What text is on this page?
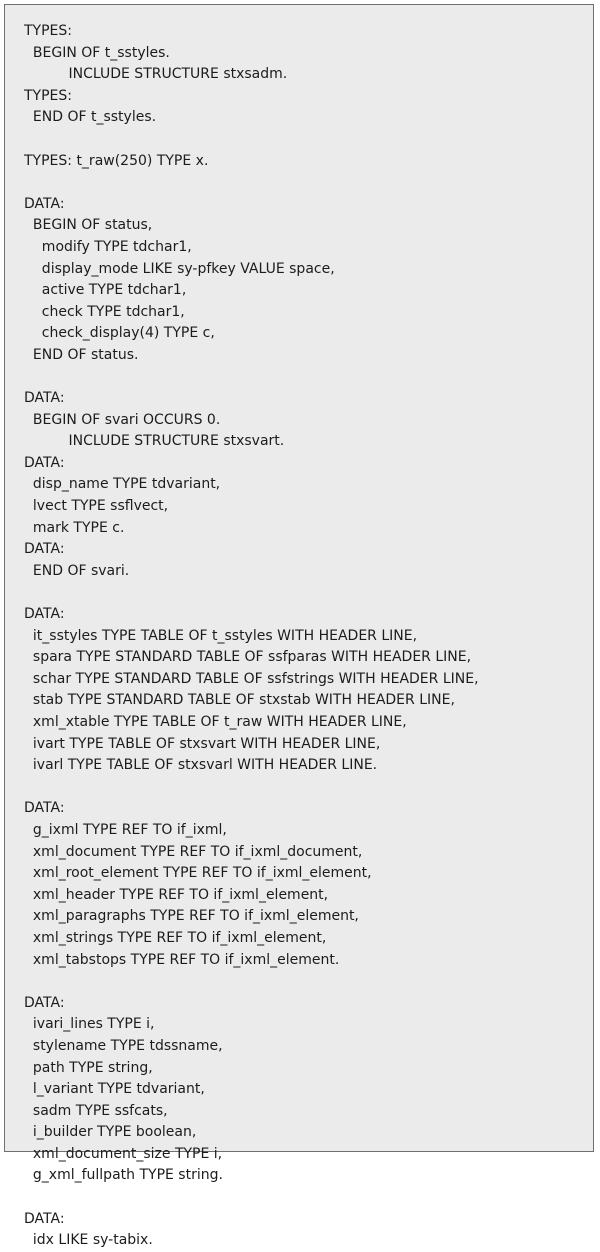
TYPES:
BEGIN OF t_sstyles.
INCLUDE STRUCTURE stxsadm.
TYPES:
END OF t_sstyles.
TYPES: t_raw(250) TYPE x.
DATA:
BEGIN OF status,
modify TYPE tdchar1,
display_mode LIKE sy-pfkey VALUE space,
active TYPE tdchar1,
check TYPE tdchar1,
check_display(4) TYPE c,
END OF status.
DATA:
BEGIN OF svari OCCURS 0.
INCLUDE STRUCTURE stxsvart.
DATA:
disp_name TYPE tdvariant,
lvect TYPE ssflvect,
mark TYPE c.
DATA:
END OF svari.
DATA:
it_sstyles TYPE TABLE OF t_sstyles WITH HEADER LINE,
spara TYPE STANDARD TABLE OF ssfparas WITH HEADER LINE,
schar TYPE STANDARD TABLE OF ssfstrings WITH HEADER LINE,
stab TYPE STANDARD TABLE OF stxstab WITH HEADER LINE,
xml_xtable TYPE TABLE OF t_raw WITH HEADER LINE,
ivart TYPE TABLE OF stxsvart WITH HEADER LINE,
ivarl TYPE TABLE OF stxsvarl WITH HEADER LINE.
DATA:
g_ixml TYPE REF TO if_ixml,
xml_document TYPE REF TO if_ixml_document,
xml_root_element TYPE REF TO if_ixml_element,
xml_header TYPE REF TO if_ixml_element,
xml_paragraphs TYPE REF TO if_ixml_element,
xml_strings TYPE REF TO if_ixml_element,
xml_tabstops TYPE REF TO if_ixml_element.
DATA:
ivari_lines TYPE i,
stylename TYPE tdssname,
path TYPE string,
l_variant TYPE tdvariant,
sadm TYPE ssfcats,
i_builder TYPE boolean,
xml_document_size TYPE i,
g_xml_fullpath TYPE string.
DATA:
idx LIKE sy-tabix.
